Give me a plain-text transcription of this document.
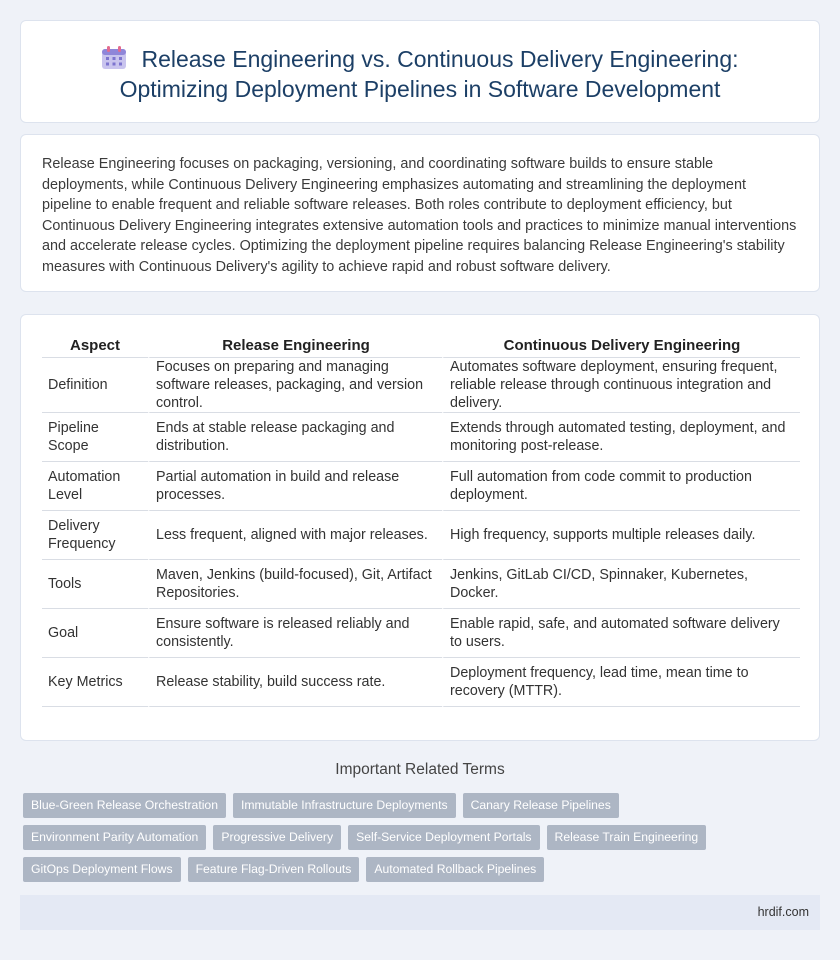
Release Engineering vs. Continuous Delivery Engineering:
Optimizing Deployment Pipelines in Software Development

Release Engineering focuses on packaging, versioning, and coordinating software builds to ensure stable deployments, while Continuous Delivery Engineering emphasizes automating and streamlining the deployment pipeline to enable frequent and reliable software releases. Both roles contribute to deployment efficiency, but Continuous Delivery Engineering integrates extensive automation tools and practices to minimize manual interventions and accelerate release cycles. Optimizing the deployment pipeline requires balancing Release Engineering's stability measures with Continuous Delivery's agility to achieve rapid and robust software delivery.

Aspect	Release Engineering	Continuous Delivery Engineering
Definition	Focuses on preparing and managing software releases, packaging, and version control.	Automates software deployment, ensuring frequent, reliable release through continuous integration and delivery.
Pipeline Scope	Ends at stable release packaging and distribution.	Extends through automated testing, deployment, and monitoring post-release.
Automation Level	Partial automation in build and release processes.	Full automation from code commit to production deployment.
Delivery Frequency	Less frequent, aligned with major releases.	High frequency, supports multiple releases daily.
Tools	Maven, Jenkins (build-focused), Git, Artifact Repositories.	Jenkins, GitLab CI/CD, Spinnaker, Kubernetes, Docker.
Goal	Ensure software is released reliably and consistently.	Enable rapid, safe, and automated software delivery to users.
Key Metrics	Release stability, build success rate.	Deployment frequency, lead time, mean time to recovery (MTTR).
Important Related Terms
Blue-Green Release Orchestration	Immutable Infrastructure Deployments	Canary Release Pipelines
Environment Parity Automation	Progressive Delivery	Self-Service Deployment Portals	Release Train Engineering
GitOps Deployment Flows	Feature Flag-Driven Rollouts	Automated Rollback Pipelines
hrdif.com
